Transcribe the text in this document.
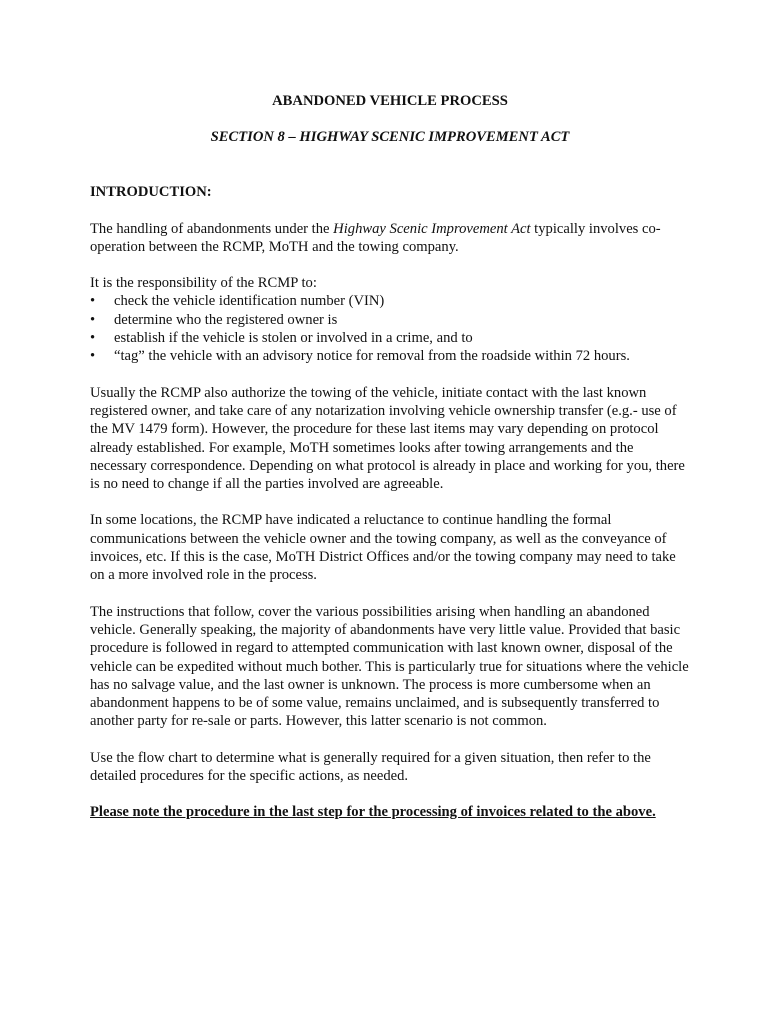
ABANDONED VEHICLE PROCESS
SECTION 8 – HIGHWAY SCENIC IMPROVEMENT ACT
INTRODUCTION:

The handling of abandonments under the Highway Scenic Improvement Act typically involves co-operation between the RCMP, MoTH and the towing company.

It is the responsibility of the RCMP to:

•	check the vehicle identification number (VIN)
•	determine who the registered owner is
•	establish if the vehicle is stolen or involved in a crime, and to
•	“tag” the vehicle with an advisory notice for removal from the roadside within 72 hours.

Usually the RCMP also authorize the towing of the vehicle, initiate contact with the last known registered owner, and take care of any notarization involving vehicle ownership transfer (e.g.- use of the MV 1479 form). However, the procedure for these last items may vary depending on protocol already established. For example, MoTH sometimes looks after towing arrangements and the necessary correspondence. Depending on what protocol is already in place and working for you, there is no need to change if all the parties involved are agreeable.

In some locations, the RCMP have indicated a reluctance to continue handling the formal communications between the vehicle owner and the towing company, as well as the conveyance of invoices, etc. If this is the case, MoTH District Offices and/or the towing company may need to take on a more involved role in the process.

The instructions that follow, cover the various possibilities arising when handling an abandoned vehicle. Generally speaking, the majority of abandonments have very little value. Provided that basic procedure is followed in regard to attempted communication with last known owner, disposal of the vehicle can be expedited without much bother. This is particularly true for situations where the vehicle has no salvage value, and the last owner is unknown. The process is more cumbersome when an abandonment happens to be of some value, remains unclaimed, and is subsequently transferred to another party for re-sale or parts. However, this latter scenario is not common.

Use the flow chart to determine what is generally required for a given situation, then refer to the detailed procedures for the specific actions, as needed.

Please note the procedure in the last step for the processing of invoices related to the above.
